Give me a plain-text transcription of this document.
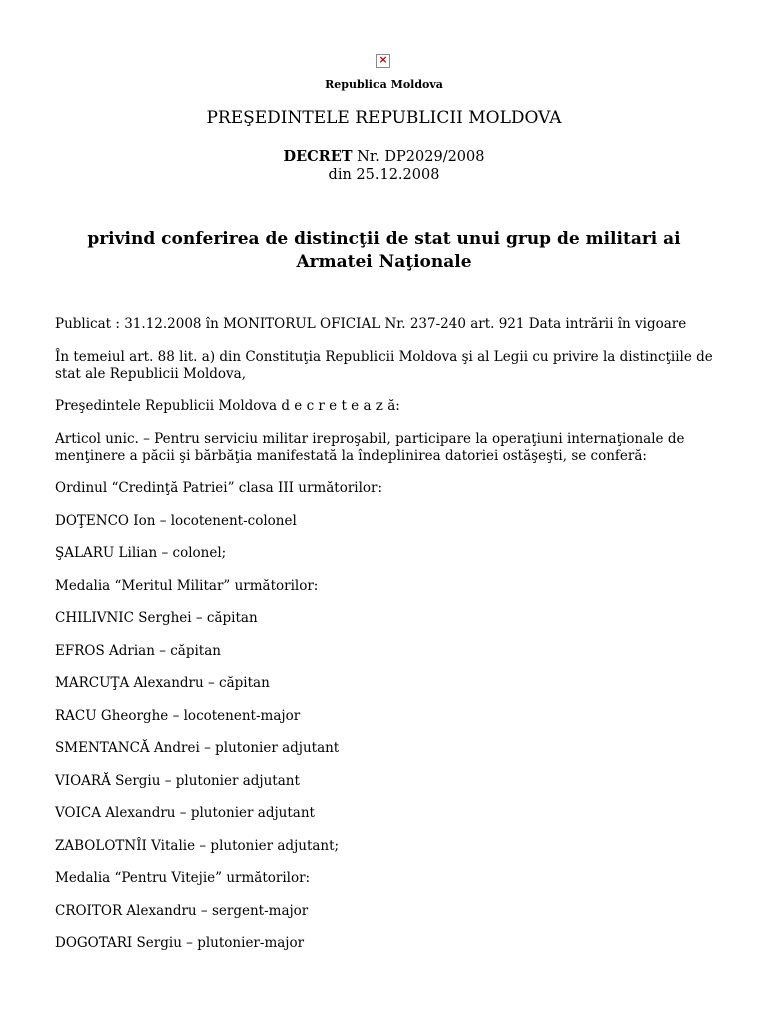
×
Republica Moldova
PREŞEDINTELE REPUBLICII MOLDOVA
DECRET Nr. DP2029/2008
din 25.12.2008
privind conferirea de distincţii de stat unui grup de militari ai Armatei Naţionale

Publicat : 31.12.2008 în MONITORUL OFICIAL Nr. 237-240 art. 921 Data intrării în vigoare

În temeiul art. 88 lit. a) din Constituţia Republicii Moldova şi al Legii cu privire la distincţiile de stat ale Republicii Moldova,

Preşedintele Republicii Moldova d e c r e t e a z ă:

Articol unic. – Pentru serviciu militar ireproşabil, participare la operaţiuni internaţionale de menţinere a păcii şi bărbăţia manifestată la îndeplinirea datoriei ostăşeşti, se conferă:

Ordinul “Credinţă Patriei” clasa III următorilor:

DOŢENCO Ion – locotenent-colonel

ŞALARU Lilian – colonel;

Medalia “Meritul Militar” următorilor:

CHILIVNIC Serghei – căpitan

EFROS Adrian – căpitan

MARCUŢA Alexandru – căpitan

RACU Gheorghe – locotenent-major

SMENTANCĂ Andrei – plutonier adjutant

VIOARĂ Sergiu – plutonier adjutant

VOICA Alexandru – plutonier adjutant

ZABOLOTNÎI Vitalie – plutonier adjutant;

Medalia “Pentru Vitejie” următorilor:

CROITOR Alexandru – sergent-major

DOGOTARI Sergiu – plutonier-major
